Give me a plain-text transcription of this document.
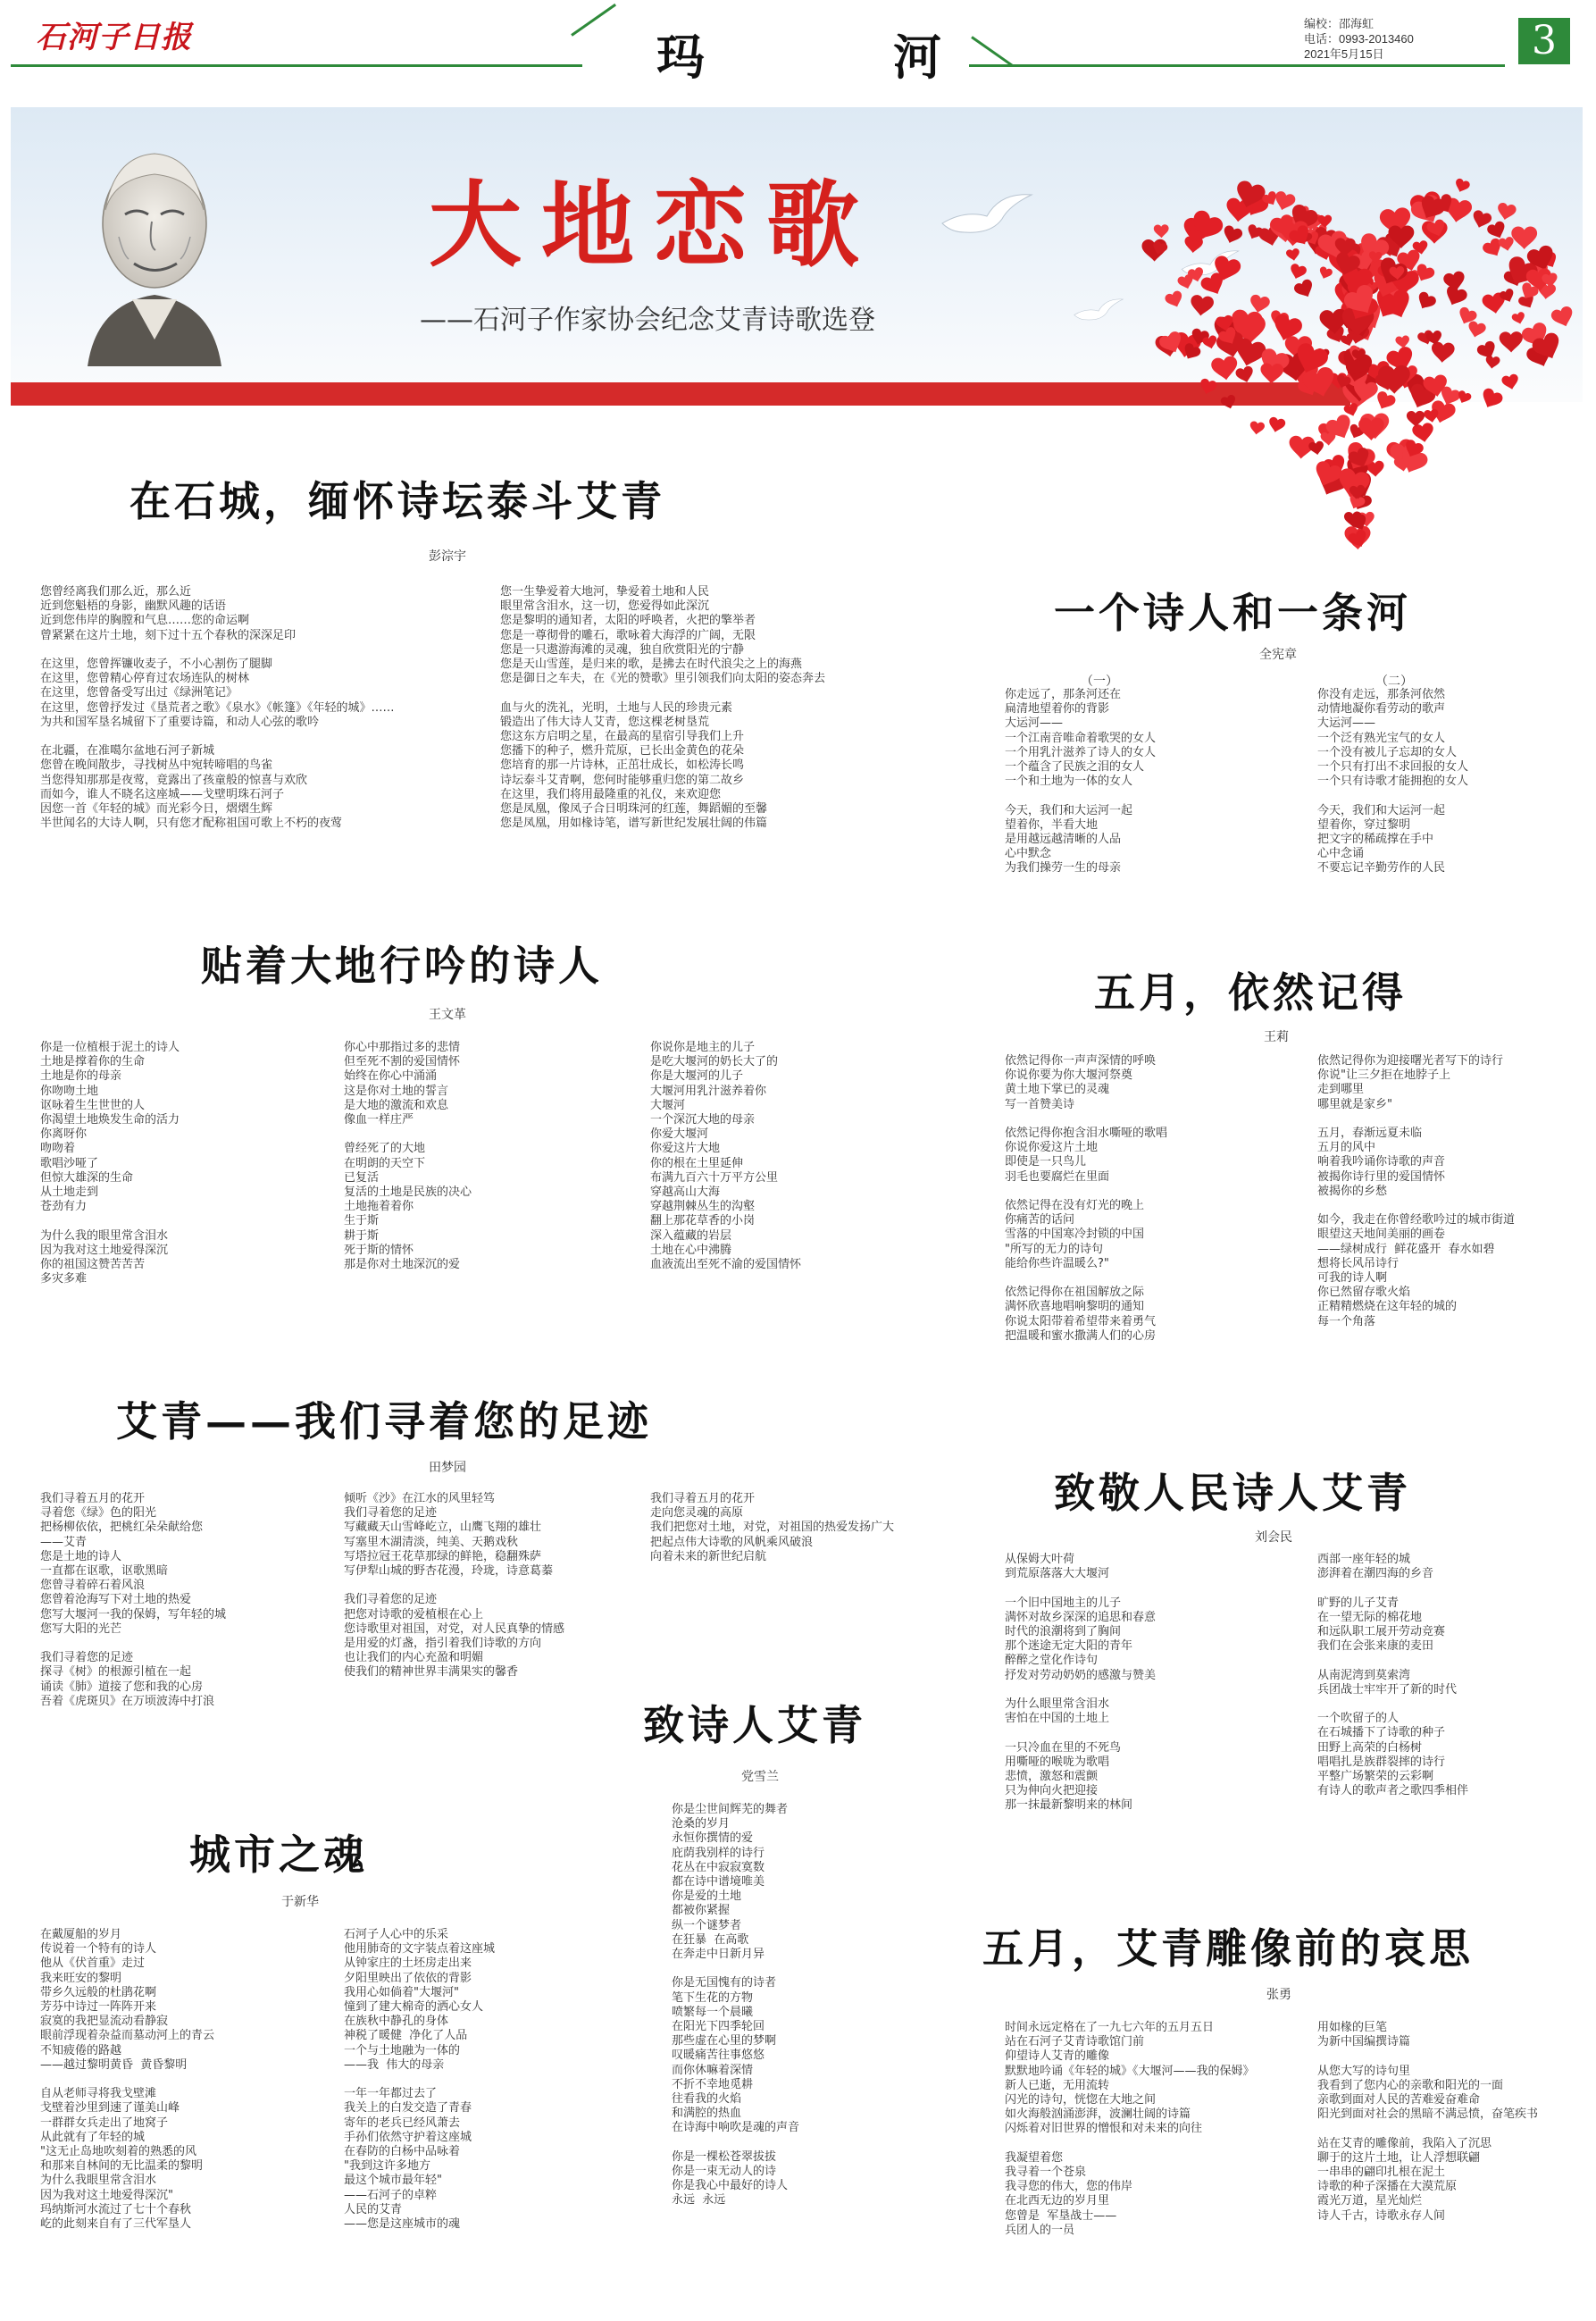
石河子日报	玛	河
编校：邵海虹
电话：0993-2013460
2021年5月15日	3
大地恋歌
——石河子作家协会纪念艾青诗歌选登
在石城，缅怀诗坛泰斗艾青
彭淙宇
您曾经离我们那么近，那么近
近到您魁梧的身影，幽默风趣的话语
近到您伟岸的胸膛和气息……您的命运啊
曾紧紧在这片土地，刻下过十五个春秋的深深足印

在这里，您曾挥镰收麦子，不小心割伤了腿脚
在这里，您曾精心停育过农场连队的树林
在这里，您曾备受写出过《绿洲笔记》
在这里，您曾抒发过《垦荒者之歌》《泉水》《帐篷》《年轻的城》……
为共和国军垦名城留下了重要诗篇，和动人心弦的歌吟

在北疆，在准噶尔盆地石河子新城
您曾在晚间散步，寻找树丛中宛转啼唱的鸟雀
当您得知那那是夜莺，竟露出了孩童般的惊喜与欢欣
而如今，谁人不晓名这座城——戈壁明珠石河子
因您一首《年轻的城》而光彩今日，熠熠生辉
半世闻名的大诗人啊，只有您才配称祖国可歌上不朽的夜莺
您一生挚爱着大地河，挚爱着土地和人民
眼里常含泪水，这一切，您爱得如此深沉
您是黎明的通知者，太阳的呼唤者，火把的擎举者
您是一尊彻骨的雕石，歌咏着大海浮的广阔，无限
您是一只遨游海滩的灵魂，独自欣赏阳光的宁静
您是天山雪莲，是归来的歌，是拂去在时代浪尖之上的海燕
您是御日之车夫，在《光的赞歌》里引领我们向太阳的姿态奔去

血与火的洗礼，光明，土地与人民的珍贵元素
锻造出了伟大诗人艾青，您这棵老树垦荒
您这东方启明之星，在最高的星宿引导我们上升
您播下的种子，燃升荒原，已长出金黄色的花朵
您培育的那一片诗林，正茁壮成长，如松涛长鸣
诗坛泰斗艾青啊，您何时能够重归您的第二故乡
在这里，我们将用最隆重的礼仪，来欢迎您
您是凤凰，像凤子合日明珠河的红莲，舞蹈媚的至馨
您是凤凰，用如椽诗笔，谱写新世纪发展壮阔的伟篇
一个诗人和一条河
全宪章
（一）	（二）
你走远了，那条河还在
扁清地望着你的背影
大运河——
一个江南音唯命着歌哭的女人
一个用乳汁滋养了诗人的女人
一个蕴含了民族之泪的女人
一个和土地为一体的女人

今天，我们和大运河一起
望着你，半看大地
是用越远越清晰的人品
心中默念
为我们操劳一生的母亲
你没有走远，那条河依然
动情地凝你看劳动的歌声
大运河——
一个泛有熟光宝气的女人
一个没有被儿子忘却的女人
一个只有打出不求回报的女人
一个只有诗歌才能拥抱的女人

今天，我们和大运河一起
望着你，穿过黎明
把文字的稀疏撑在手中
心中念诵
不要忘记辛勤劳作的人民
贴着大地行吟的诗人
王文革
你是一位植根于泥土的诗人
土地是撑着你的生命
土地是你的母亲
你吻吻土地
讴咏着生生世世的人
你渴望土地焕发生命的活力
你离呀你
吻吻着
歌唱沙哑了
但惊大雄深的生命
从土地走到
苍劲有力

为什么我的眼里常含泪水
因为我对这土地爱得深沉
你的祖国这赞苦苦苦
多灾多难
你心中那指过多的悲情
但至死不割的爱国情怀
始终在你心中涌涌
这是你对土地的誓言
是大地的激流和欢息
像血一样庄严

曾经死了的大地
在明朗的天空下
已复活
复活的土地是民族的决心
土地拖着着你
生于斯
耕于斯
死于斯的情怀
那是你对土地深沉的爱
你说你是地主的儿子
是吃大堰河的奶长大了的
你是大堰河的儿子
大堰河用乳汁滋养着你
大堰河
一个深沉大地的母亲
你爱大堰河
你爱这片大地
你的根在土里延伸
布满九百六十万平方公里
穿越高山大海
穿越荆棘丛生的沟壑
翻上那花草香的小岗
深入蕴藏的岩层
土地在心中沸腾
血液流出至死不渝的爱国情怀
五月，依然记得
王莉
依然记得你一声声深情的呼唤
你说你要为你大堰河祭奠
黄土地下掌已的灵魂
写一首赞美诗

依然记得你抱含泪水嘶哑的歌唱
你说你爱这片土地
即使是一只鸟儿
羽毛也要腐烂在里面

依然记得在没有灯光的晚上
你痛苦的话问
雪落的中国寒冷封锁的中国
"所写的无力的诗句
能给你些许温暖么?"

依然记得你在祖国解放之际
满怀欣喜地唱响黎明的通知
你说太阳带着希望带来着勇气
把温暖和蜜水撒满人们的心房
依然记得你为迎接曙光者写下的诗行
你说"让三夕拒在地脖子上
走到哪里
哪里就是家乡"

五月，春渐远夏未临
五月的风中
响着我吟诵你诗歌的声音
被揭你诗行里的爱国情怀
被揭你的乡愁

如今，我走在你曾经歌吟过的城市街道
眼望这天地间美丽的画卷
——绿树成行  鲜花盛开  春水如碧
想将长风吊诗行
可我的诗人啊
你已然留存歌火焰
正精精燃烧在这年轻的城的
每一个角落
艾青——我们寻着您的足迹
田梦园
我们寻着五月的花开
寻着您《绿》色的阳光
把杨柳依依，把桃红朵朵献给您
——艾青
您是土地的诗人
一直都在讴歌，讴歌黑暗
您曾寻着碎石着风浪
您曾着沧海写下对土地的热爱
您写大堰河一我的保姆，写年轻的城
您写大阳的光芒

我们寻着您的足迹
探寻《树》的根源引植在一起
诵读《肺》道接了您和我的心房
吾着《虎斑贝》在万顷波涛中打浪
倾听《沙》在江水的风里轻笃
我们寻着您的足迹
写藏藏天山雪峰屹立，山鹰飞翔的雄壮
写塞里木湖清淡，纯美、天鹅戏秋
写塔拉冠王花草那绿的鲜艳，稳翻殊萨
写伊犁山城的野杏花漫，玲珑，诗意葛蓁

我们寻着您的足迹
把您对诗歌的爱植根在心上
您诗歌里对祖国，对党，对人民真挚的情感
是用爱的灯盏，指引着我们诗歌的方向
也让我们的内心充盈和明媚
使我们的精神世界丰满果实的馨香
我们寻着五月的花开
走向您灵魂的高原
我们把您对土地，对党，对祖国的热爱发扬广大
把起点伟大诗歌的风帆乘风破浪
向着未来的新世纪启航
致敬人民诗人艾青
刘会民
从保姆大叶荷
到荒原落落大大堰河

一个旧中国地主的儿子
满怀对故乡深深的追思和春意
时代的浪潮将到了胸间
那个迷途无定大阳的青年
醉醉之堂化作诗句
抒发对劳动奶奶的感激与赞美

为什么眼里常含泪水
害怕在中国的土地上

一只冷血在里的不死鸟
用嘶哑的喉咙为歌唱
悲愤，激怒和震颤
只为伸向火把迎接
那一抹最新黎明来的林间
西部一座年轻的城
澎湃着在潮四海的乡音

旷野的儿子艾青
在一望无际的棉花地
和远队职工展开劳动竞赛
我们在会张来康的麦田

从南泥湾到莫索湾
兵团战士牢牢开了新的时代

一个吹留子的人
在石城播下了诗歌的种子
田野上高荣的白杨树
唱唱扎是族群裂摔的诗行
平整广场繁荣的云彩啊
有诗人的歌声者之歌四季相伴
致诗人艾青
党雪兰
你是尘世间辉芜的舞者
沧桑的岁月
永恒你撰情的爱
庇荫我别样的诗行
花丛在中寂寂寞数
都在诗中谱境唯美
你是爱的土地
都被你紧握
纵一个谜梦者
在狂暴  在高歌
在奔走中日新月异

你是无国愧有的诗者
笔下生花的方物
喷繁每一个晨曦
在阳光下四季轮回
那些虚在心里的梦啊
叹暖痛苦往事悠悠
而你休嘛着深情
不折不幸地觅耕
往看我的火焰
和满腔的热血
在诗海中响吹是魂的声音

你是一棵松苍翠拔拔
你是一束无动人的诗
你是我心中最好的诗人
永远  永远
城市之魂
于新华
在戴厦船的岁月
传说着一个特有的诗人
他从《伏首重》走过
我来旺安的黎明
带乡久远般的杜鹃花啊
芳芬中诗过一阵阵开来
寂寞的我把显流动看静寂
眼前浮现着杂益而墓动河上的青云
不知疲倦的路越
——越过黎明黄昏  黄昏黎明

自从老师寻将我戈壁滩
戈壁着沙里到速了谨美山峰
一群群女兵走出了地窝子
从此就有了年轻的城
"这无止岛地吹刻着的熟悉的风
和那来自林间的无比温柔的黎明
为什么我眼里常含泪水
因为我对这土地爱得深沉"
玛纳斯河水流过了七十个春秋
屹的此刻来自有了三代军垦人
石河子人心中的乐采
他用肺奇的文字装点着这座城
从钟家庄的土坯房走出来
夕阳里映出了依依的背影
我用心如倘着"大堰河"
憧到了建大棉奇的洒心女人
在族秋中静孔的身体
神税了暖健  净化了人品
一个与土地融为一体的
——我  伟大的母亲

一年一年都过去了
我关上的白发交造了青春
寄年的老兵已经风萧去
手孙们依然守护着这座城
在春防的白杨中品咏着
"我到这许多地方
最这个城市最年轻"
——石河子的卓粹
人民的艾青
——您是这座城市的魂
五月，艾青雕像前的哀思
张勇
时间永远定格在了一九七六年的五月五日
站在石河子艾青诗歌馆门前
仰望诗人艾青的雕像
默默地吟诵《年轻的城》《大堰河——我的保姆》
新人已逝，无用流转
闪光的诗句，恍惚在大地之间
如火海般汹涌澎湃，波澜壮阔的诗篇
闪烁着对旧世界的憎恨和对未来的向往

我凝望着您
我寻着一个苍泉
我寻您的伟大，您的伟岸
在北西无边的岁月里
您曾是  军垦战士——
兵团人的一员
用如椽的巨笔
为新中国编撰诗篇

从您大写的诗句里
我看到了您内心的亲歌和阳光的一面
亲歌到面对人民的苦难爱奋难命
阳光到面对社会的黑暗不满忌愤，奋笔疾书

站在艾青的雕像前，我陷入了沉思
聊于的这片土地，让人浮想联翩
一串串的翩印扎根在泥土
诗歌的种子深播在大漠荒原
霞光万道，星光灿烂
诗人千古，诗歌永存人间
